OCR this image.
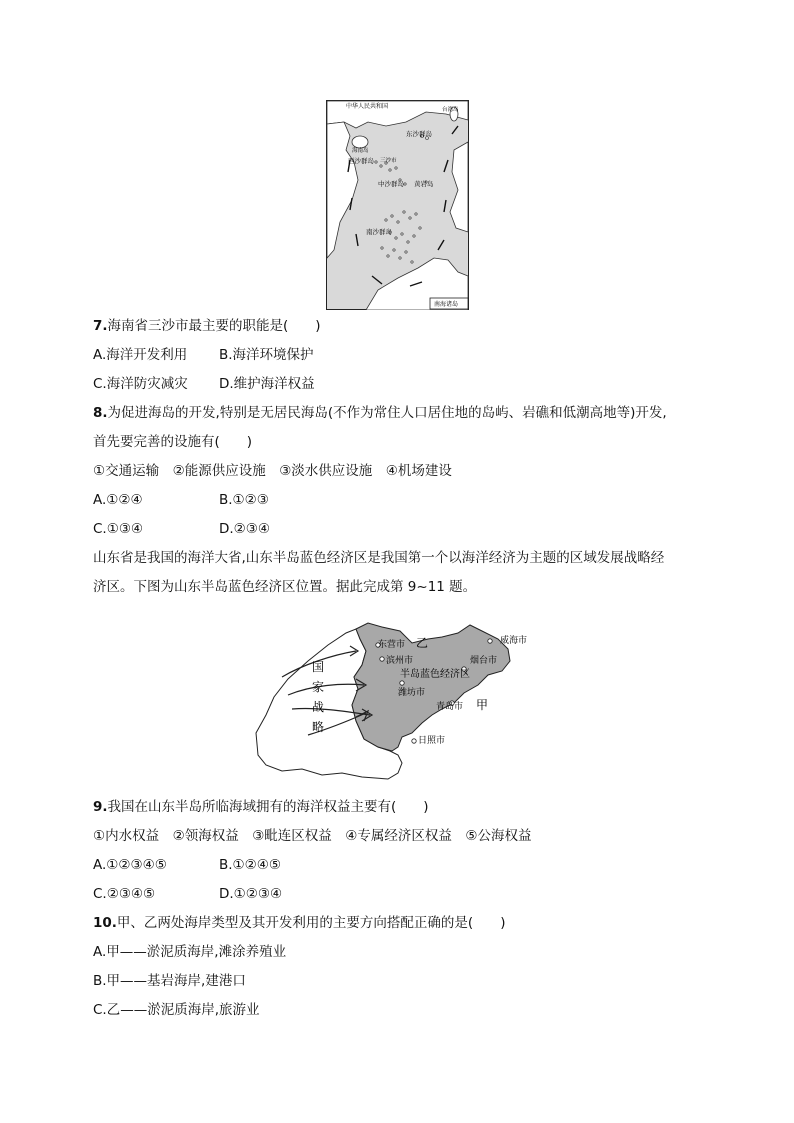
中华人民共和国	台湾岛
东沙群岛
海南岛
西沙群岛 三沙市
中沙群岛 黄岩岛
南沙群岛
南海诸岛
7.海南省三沙市最主要的职能是(　　)
A.海洋开发利用 B.海洋环境保护
C.海洋防灾减灾 D.维护海洋权益
8.为促进海岛的开发,特别是无居民海岛(不作为常住人口居住地的岛屿、岩礁和低潮高地等)开发,
首先要完善的设施有(　　)
①交通运输　②能源供应设施　③淡水供应设施　④机场建设
A.①②④	B.①②③
C.①③④	D.②③④
山东省是我国的海洋大省,山东半岛蓝色经济区是我国第一个以海洋经济为主题的区域发展战略经
济区。下图为山东半岛蓝色经济区位置。据此完成第 9~11 题。
东营市 乙
滨州市
威海市
烟台市
半岛蓝色经济区
潍坊市
青岛市 甲
日照市
国
家
战
略
9.我国在山东半岛所临海域拥有的海洋权益主要有(　　)
①内水权益　②领海权益　③毗连区权益　④专属经济区权益　⑤公海权益
A.①②③④⑤	B.①②④⑤
C.②③④⑤	D.①②③④
10.甲、乙两处海岸类型及其开发利用的主要方向搭配正确的是(　　)
A.甲——淤泥质海岸,滩涂养殖业
B.甲——基岩海岸,建港口
C.乙——淤泥质海岸,旅游业
